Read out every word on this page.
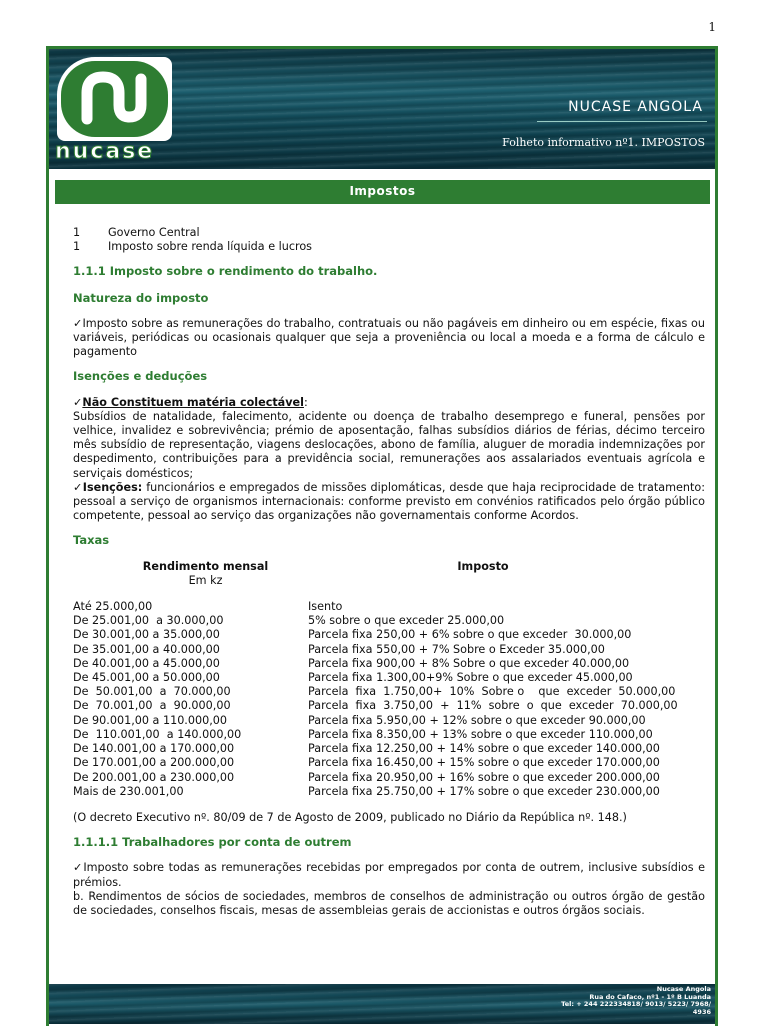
1
nucase
NUCASE ANGOLA
Folheto informativo nº1. IMPOSTOS
Impostos
1	Governo Central
1	Imposto sobre renda líquida e lucros
1.1.1 Imposto sobre o rendimento do trabalho.
Natureza do imposto

✓Imposto sobre as remunerações do trabalho, contratuais ou não pagáveis em dinheiro ou em espécie, fixas ou variáveis, periódicas ou ocasionais qualquer que seja a proveniência ou local a moeda e a forma de cálculo e pagamento

Isenções e deduções
✓Não Constituem matéria colectável:

Subsídios de natalidade, falecimento, acidente ou doença de trabalho desemprego e funeral, pensões por velhice, invalidez e sobrevivência; prémio de aposentação, falhas subsídios diários de férias, décimo terceiro mês subsídio de representação, viagens deslocações, abono de família, aluguer de moradia indemnizações por despedimento, contribuições para a previdência social, remunerações aos assalariados eventuais agrícola e serviçais domésticos;

✓Isenções: funcionários e empregados de missões diplomáticas, desde que haja reciprocidade de tratamento: pessoal a serviço de organismos internacionais: conforme previsto em convénios ratificados pelo órgão público competente, pessoal ao serviço das organizações não governamentais conforme Acordos.

Taxas
Rendimento mensal	Imposto
Em kz
Até 25.000,00	Isento
De 25.001,00  a 30.000,00	5% sobre o que exceder 25.000,00
De 30.001,00 a 35.000,00	Parcela fixa 250,00 + 6% sobre o que exceder  30.000,00
De 35.001,00 a 40.000,00	Parcela fixa 550,00 + 7% Sobre o Exceder 35.000,00
De 40.001,00 a 45.000,00	Parcela fixa 900,00 + 8% Sobre o que exceder 40.000,00
De 45.001,00 a 50.000,00	Parcela fixa 1.300,00+9% Sobre o que exceder 45.000,00
De  50.001,00  a  70.000,00	Parcela  fixa  1.750,00+  10%  Sobre o    que  exceder  50.000,00
De  70.001,00  a  90.000,00	Parcela  fixa  3.750,00  +  11%  sobre  o  que  exceder  70.000,00
De 90.001,00 a 110.000,00	Parcela fixa 5.950,00 + 12% sobre o que exceder 90.000,00
De  110.001,00  a 140.000,00	Parcela fixa 8.350,00 + 13% sobre o que exceder 110.000,00
De 140.001,00 a 170.000,00	Parcela fixa 12.250,00 + 14% sobre o que exceder 140.000,00
De 170.001,00 a 200.000,00	Parcela fixa 16.450,00 + 15% sobre o que exceder 170.000,00
De 200.001,00 a 230.000,00	Parcela fixa 20.950,00 + 16% sobre o que exceder 200.000,00
Mais de 230.001,00	Parcela fixa 25.750,00 + 17% sobre o que exceder 230.000,00

(O decreto Executivo nº. 80/09 de 7 de Agosto de 2009, publicado no Diário da República nº. 148.)

1.1.1.1 Trabalhadores por conta de outrem

✓Imposto sobre todas as remunerações recebidas por empregados por conta de outrem, inclusive subsídios e prémios.

b. Rendimentos de sócios de sociedades, membros de conselhos de administração ou outros órgão de gestão de sociedades, conselhos fiscais, mesas de assembleias gerais de accionistas e outros órgãos sociais.

Nucase Angola
Rua do Cafaco, nº1 - 1º B Luanda
Tel: + 244 222334818/ 9013/ 5223/ 7968/
4936
